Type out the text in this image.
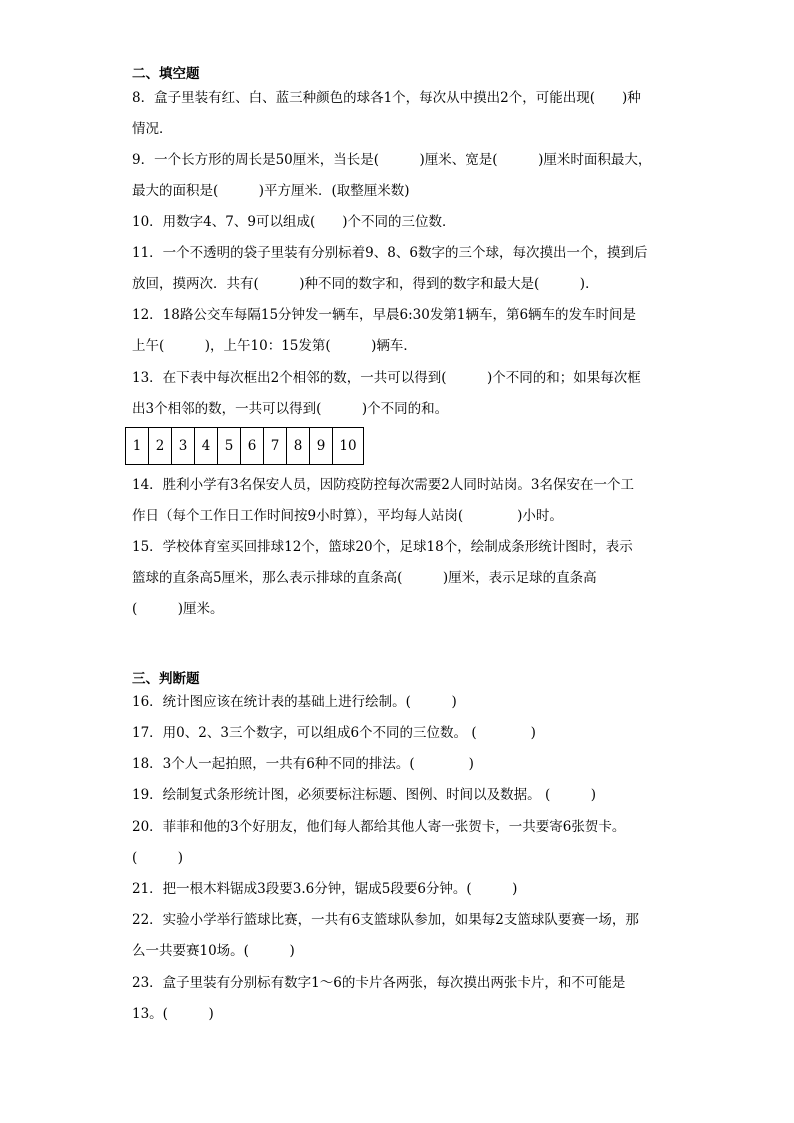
二、填空题
8．盒子里装有红、白、蓝三种颜色的球各1个，每次从中摸出2个，可能出现(　　)种
情况．
9．一个长方形的周长是50厘米，当长是(　　　)厘米、宽是(　　　)厘米时面积最大，
最大的面积是(　　　)平方厘米．(取整厘米数)
10．用数字4、7、9可以组成(　　)个不同的三位数．
11．一个不透明的袋子里装有分别标着9、8、6数字的三个球，每次摸出一个，摸到后
放回，摸两次．共有(　　　)种不同的数字和，得到的数字和最大是(　　　)．
12．18路公交车每隔15分钟发一辆车，早晨6:30发第1辆车，第6辆车的发车时间是
上午(　　　)，上午10：15发第(　　　)辆车．
13．在下表中每次框出2个相邻的数，一共可以得到(　　　)个不同的和；如果每次框
出3个相邻的数，一共可以得到(　　　)个不同的和。
1	2	3	4	5	6	7	8	9	10
14．胜利小学有3名保安人员，因防疫防控每次需要2人同时站岗。3名保安在一个工
作日（每个工作日工作时间按9小时算），平均每人站岗(　　　　)小时。
15．学校体育室买回排球12个，篮球20个，足球18个，绘制成条形统计图时，表示
篮球的直条高5厘米，那么表示排球的直条高(　　　)厘米，表示足球的直条高
(　　　)厘米。
三、判断题
16．统计图应该在统计表的基础上进行绘制。(　　　)
17．用0、2、3三个数字，可以组成6个不同的三位数。 (　　　　)
18．3个人一起拍照，一共有6种不同的排法。(　　　　)
19．绘制复式条形统计图，必须要标注标题、图例、时间以及数据。 (　　　)
20．菲菲和他的3个好朋友，他们每人都给其他人寄一张贺卡，一共要寄6张贺卡。
(　　　)
21．把一根木料锯成3段要3.6分钟，锯成5段要6分钟。(　　　)
22．实验小学举行篮球比赛，一共有6支篮球队参加，如果每2支篮球队要赛一场，那
么一共要赛10场。(　　　)
23．盒子里装有分别标有数字1～6的卡片各两张，每次摸出两张卡片，和不可能是
13。(　　　)
